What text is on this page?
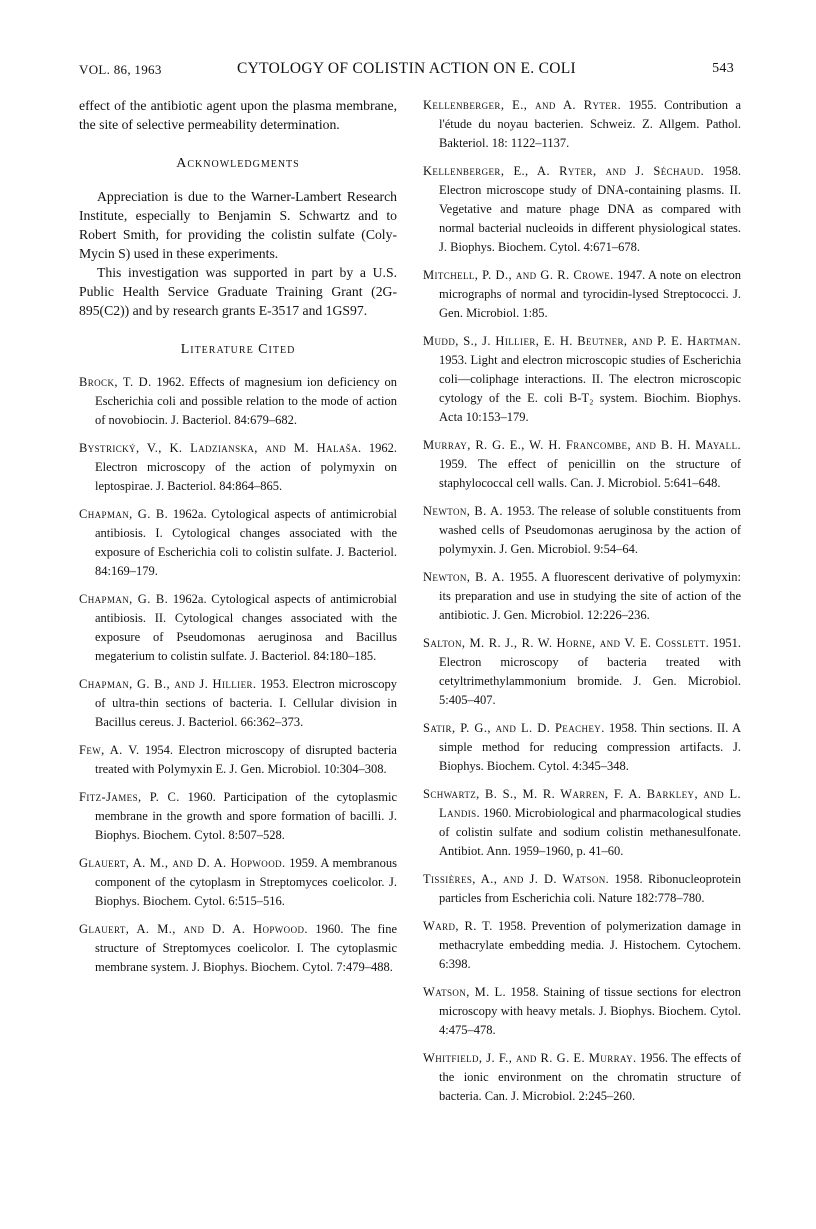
VOL. 86, 1963	CYTOLOGY OF COLISTIN ACTION ON E. COLI	543

effect of the antibiotic agent upon the plasma membrane, the site of selective permeability determination.

Acknowledgments

Appreciation is due to the Warner-Lambert Research Institute, especially to Benjamin S. Schwartz and to Robert Smith, for providing the colistin sulfate (Coly-Mycin S) used in these experiments.

This investigation was supported in part by a U.S. Public Health Service Graduate Training Grant (2G-895(C2)) and by research grants E-3517 and 1GS97.

Literature Cited

Brock, T. D. 1962. Effects of magnesium ion deficiency on Escherichia coli and possible relation to the mode of action of novobiocin. J. Bacteriol. 84:679–682.

Bystrický, V., K. Ladzianska, and M. Halaša. 1962. Electron microscopy of the action of polymyxin on leptospirae. J. Bacteriol. 84:864–865.

Chapman, G. B. 1962a. Cytological aspects of antimicrobial antibiosis. I. Cytological changes associated with the exposure of Escherichia coli to colistin sulfate. J. Bacteriol. 84:169–179.

Chapman, G. B. 1962a. Cytological aspects of antimicrobial antibiosis. II. Cytological changes associated with the exposure of Pseudomonas aeruginosa and Bacillus megaterium to colistin sulfate. J. Bacteriol. 84:180–185.

Chapman, G. B., and J. Hillier. 1953. Electron microscopy of ultra-thin sections of bacteria. I. Cellular division in Bacillus cereus. J. Bacteriol. 66:362–373.

Few, A. V. 1954. Electron microscopy of disrupted bacteria treated with Polymyxin E. J. Gen. Microbiol. 10:304–308.

Fitz-James, P. C. 1960. Participation of the cytoplasmic membrane in the growth and spore formation of bacilli. J. Biophys. Biochem. Cytol. 8:507–528.

Glauert, A. M., and D. A. Hopwood. 1959. A membranous component of the cytoplasm in Streptomyces coelicolor. J. Biophys. Biochem. Cytol. 6:515–516.

Glauert, A. M., and D. A. Hopwood. 1960. The fine structure of Streptomyces coelicolor. I. The cytoplasmic membrane system. J. Biophys. Biochem. Cytol. 7:479–488.

Kellenberger, E., and A. Ryter. 1955. Contribution a l'étude du noyau bacterien. Schweiz. Z. Allgem. Pathol. Bakteriol. 18: 1122–1137.

Kellenberger, E., A. Ryter, and J. Séchaud. 1958. Electron microscope study of DNA-containing plasms. II. Vegetative and mature phage DNA as compared with normal bacterial nucleoids in different physiological states. J. Biophys. Biochem. Cytol. 4:671–678.

Mitchell, P. D., and G. R. Crowe. 1947. A note on electron micrographs of normal and tyrocidin-lysed Streptococci. J. Gen. Microbiol. 1:85.

Mudd, S., J. Hillier, E. H. Beutner, and P. E. Hartman. 1953. Light and electron microscopic studies of Escherichia coli—coliphage interactions. II. The electron microscopic cytology of the E. coli B-T₂ system. Biochim. Biophys. Acta 10:153–179.

Murray, R. G. E., W. H. Francombe, and B. H. Mayall. 1959. The effect of penicillin on the structure of staphylococcal cell walls. Can. J. Microbiol. 5:641–648.

Newton, B. A. 1953. The release of soluble constituents from washed cells of Pseudomonas aeruginosa by the action of polymyxin. J. Gen. Microbiol. 9:54–64.

Newton, B. A. 1955. A fluorescent derivative of polymyxin: its preparation and use in studying the site of action of the antibiotic. J. Gen. Microbiol. 12:226–236.

Salton, M. R. J., R. W. Horne, and V. E. Cosslett. 1951. Electron microscopy of bacteria treated with cetyltrimethylammonium bromide. J. Gen. Microbiol. 5:405–407.

Satir, P. G., and L. D. Peachey. 1958. Thin sections. II. A simple method for reducing compression artifacts. J. Biophys. Biochem. Cytol. 4:345–348.

Schwartz, B. S., M. R. Warren, F. A. Barkley, and L. Landis. 1960. Microbiological and pharmacological studies of colistin sulfate and sodium colistin methanesulfonate. Antibiot. Ann. 1959–1960, p. 41–60.

Tissières, A., and J. D. Watson. 1958. Ribonucleoprotein particles from Escherichia coli. Nature 182:778–780.

Ward, R. T. 1958. Prevention of polymerization damage in methacrylate embedding media. J. Histochem. Cytochem. 6:398.

Watson, M. L. 1958. Staining of tissue sections for electron microscopy with heavy metals. J. Biophys. Biochem. Cytol. 4:475–478.

Whitfield, J. F., and R. G. E. Murray. 1956. The effects of the ionic environment on the chromatin structure of bacteria. Can. J. Microbiol. 2:245–260.
